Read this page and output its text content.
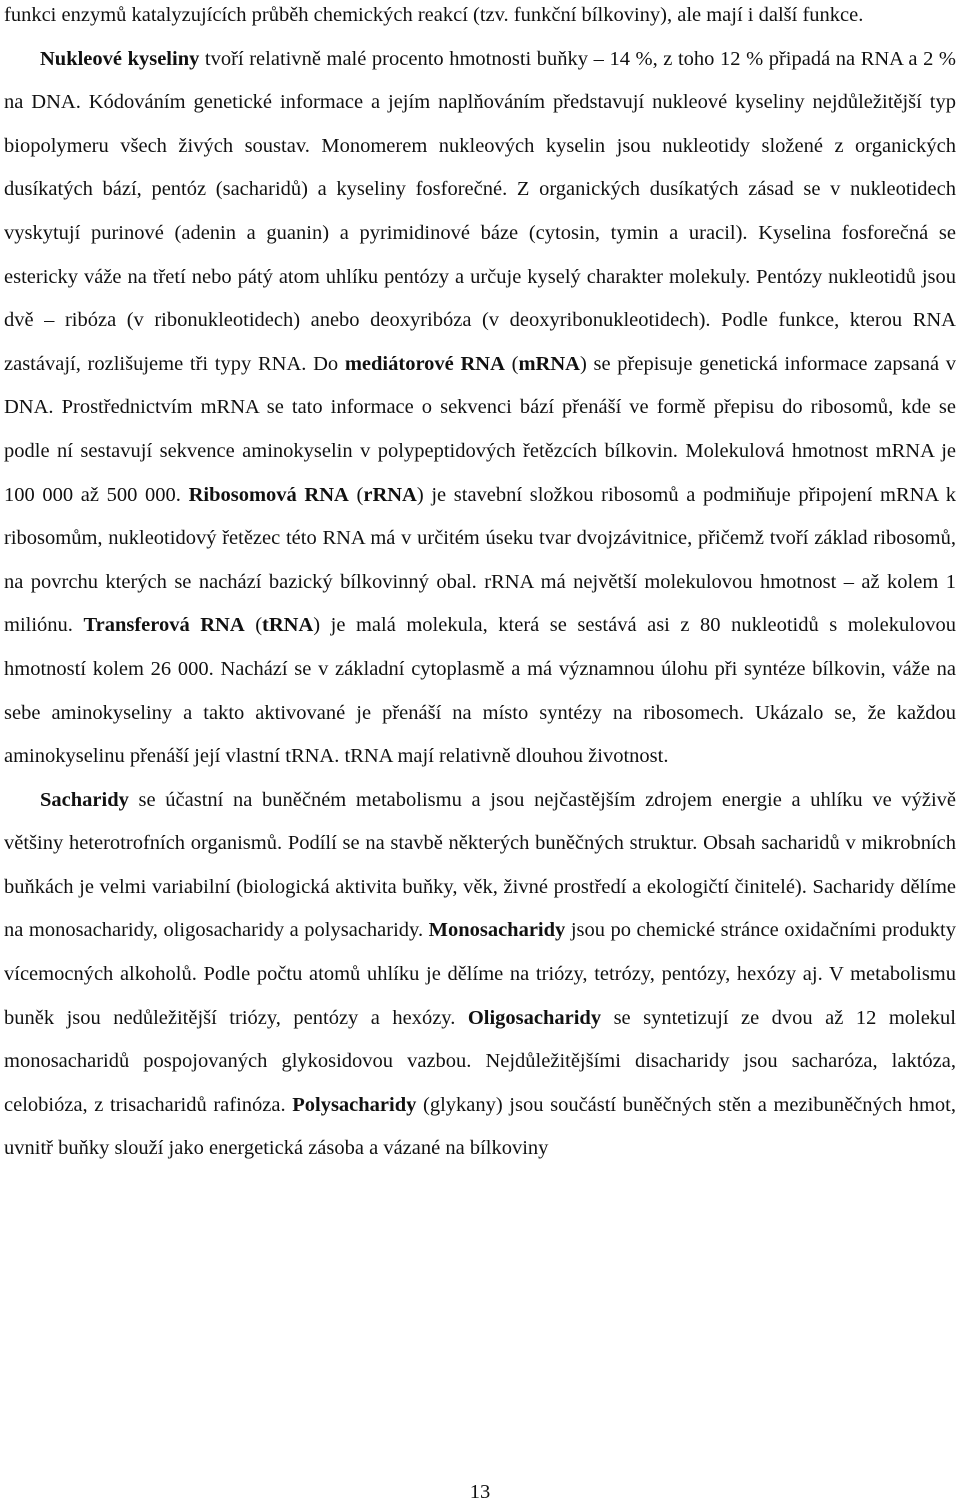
funkci enzymů katalyzujících průběh chemických reakcí (tzv. funkční bílkoviny), ale mají i další funkce.

Nukleové kyseliny tvoří relativně malé procento hmotnosti buňky – 14 %, z toho 12 % připadá na RNA a 2 % na DNA. Kódováním genetické informace a jejím naplňováním představují nukleové kyseliny nejdůležitější typ biopolymeru všech živých soustav. Monomerem nukleových kyselin jsou nukleotidy složené z organických dusíkatých bází, pentóz (sacharidů) a kyseliny fosforečné. Z organických dusíkatých zásad se v nukleotidech vyskytují purinové (adenin a guanin) a pyrimidinové báze (cytosin, tymin a uracil). Kyselina fosforečná se estericky váže na třetí nebo pátý atom uhlíku pentózy a určuje kyselý charakter molekuly. Pentózy nukleotidů jsou dvě – ribóza (v ribonukleotidech) anebo deoxyribóza (v deoxyribonukleotidech). Podle funkce, kterou RNA zastávají, rozlišujeme tři typy RNA. Do mediátorové RNA (mRNA) se přepisuje genetická informace zapsaná v DNA. Prostřednictvím mRNA se tato informace o sekvenci bází přenáší ve formě přepisu do ribosomů, kde se podle ní sestavují sekvence aminokyselin v polypeptidových řetězcích bílkovin. Molekulová hmotnost mRNA je 100 000 až 500 000. Ribosomová RNA (rRNA) je stavební složkou ribosomů a podmiňuje připojení mRNA k ribosomům, nukleotidový řetězec této RNA má v určitém úseku tvar dvojzávitnice, přičemž tvoří základ ribosomů, na povrchu kterých se nachází bazický bílkovinný obal. rRNA má největší molekulovou hmotnost – až kolem 1 miliónu. Transferová RNA (tRNA) je malá molekula, která se sestává asi z 80 nukleotidů s molekulovou hmotností kolem 26 000. Nachází se v základní cytoplasmě a má významnou úlohu při syntéze bílkovin, váže na sebe aminokyseliny a takto aktivované je přenáší na místo syntézy na ribosomech. Ukázalo se, že každou aminokyselinu přenáší její vlastní tRNA. tRNA mají relativně dlouhou životnost.

Sacharidy se účastní na buněčném metabolismu a jsou nejčastějším zdrojem energie a uhlíku ve výživě většiny heterotrofních organismů. Podílí se na stavbě některých buněčných struktur. Obsah sacharidů v mikrobních buňkách je velmi variabilní (biologická aktivita buňky, věk, živné prostředí a ekologičtí činitelé). Sacharidy dělíme na monosacharidy, oligosacharidy a polysacharidy. Monosacharidy jsou po chemické stránce oxidačními produkty vícemocných alkoholů. Podle počtu atomů uhlíku je dělíme na triózy, tetrózy, pentózy, hexózy aj. V metabolismu buněk jsou nedůležitější triózy, pentózy a hexózy. Oligosacharidy se syntetizují ze dvou až 12 molekul monosacharidů pospojovaných glykosidovou vazbou. Nejdůležitějšími disacharidy jsou sacharóza, laktóza, celobióza, z trisacharidů rafinóza. Polysacharidy (glykany) jsou součástí buněčných stěn a mezibuněčných hmot, uvnitř buňky slouží jako energetická zásoba a vázané na bílkoviny

13
